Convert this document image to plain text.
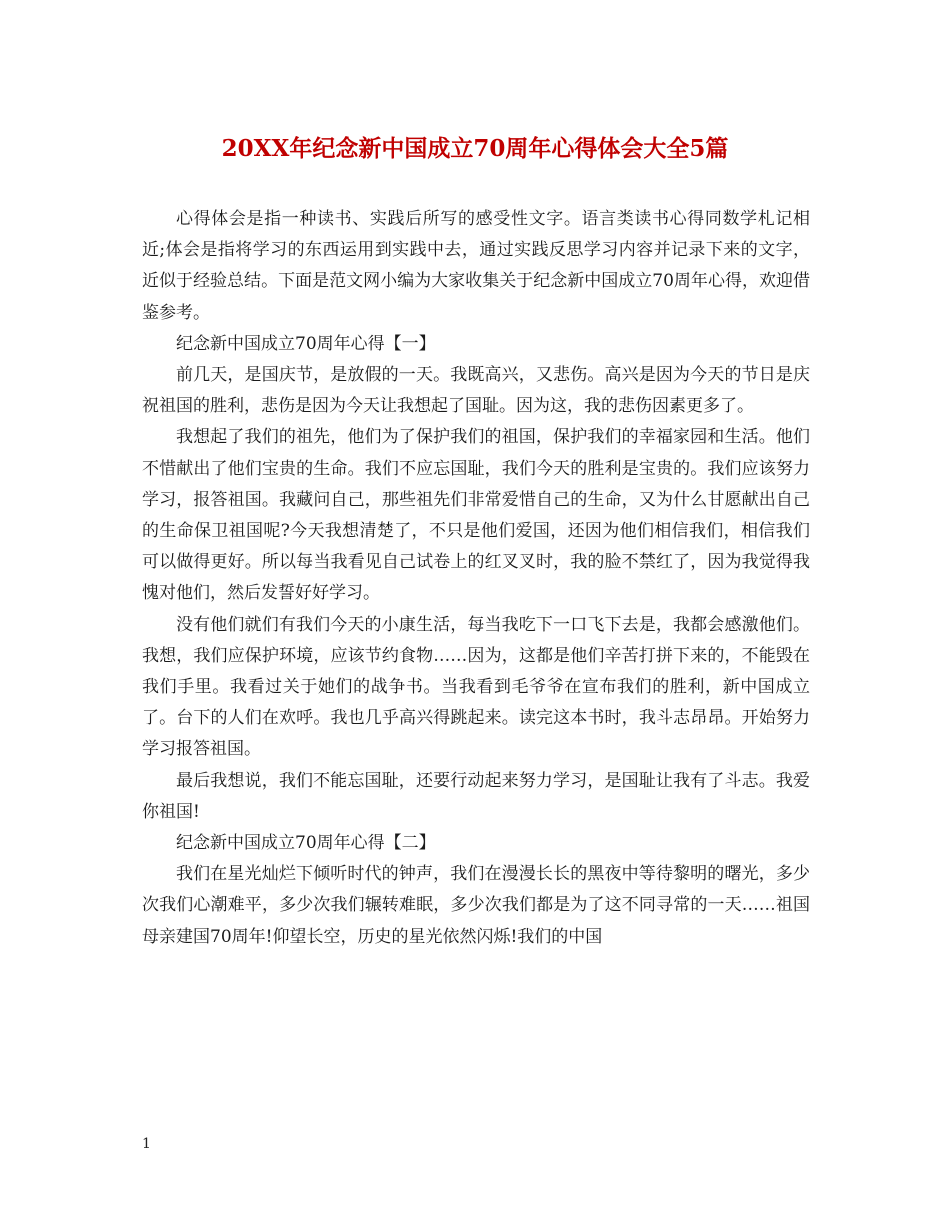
20XX年纪念新中国成立70周年心得体会大全5篇

心得体会是指一种读书、实践后所写的感受性文字。语言类读书心得同数学札记相近;体会是指将学习的东西运用到实践中去，通过实践反思学习内容并记录下来的文字，近似于经验总结。下面是范文网小编为大家收集关于纪念新中国成立70周年心得，欢迎借鉴参考。

纪念新中国成立70周年心得【一】

前几天，是国庆节，是放假的一天。我既高兴，又悲伤。高兴是因为今天的节日是庆祝祖国的胜利，悲伤是因为今天让我想起了国耻。因为这，我的悲伤因素更多了。

我想起了我们的祖先，他们为了保护我们的祖国，保护我们的幸福家园和生活。他们不惜献出了他们宝贵的生命。我们不应忘国耻，我们今天的胜利是宝贵的。我们应该努力学习，报答祖国。我藏问自己，那些祖先们非常爱惜自己的生命，又为什么甘愿献出自己的生命保卫祖国呢?今天我想清楚了，不只是他们爱国，还因为他们相信我们，相信我们可以做得更好。所以每当我看见自己试卷上的红叉叉时，我的脸不禁红了，因为我觉得我愧对他们，然后发誓好好学习。

没有他们就们有我们今天的小康生活，每当我吃下一口飞下去是，我都会感激他们。我想，我们应保护环境，应该节约食物……因为，这都是他们辛苦打拼下来的，不能毁在我们手里。我看过关于她们的战争书。当我看到毛爷爷在宣布我们的胜利，新中国成立了。台下的人们在欢呼。我也几乎高兴得跳起来。读完这本书时，我斗志昂昂。开始努力学习报答祖国。

最后我想说，我们不能忘国耻，还要行动起来努力学习，是国耻让我有了斗志。我爱你祖国!

纪念新中国成立70周年心得【二】

我们在星光灿烂下倾听时代的钟声，我们在漫漫长长的黑夜中等待黎明的曙光，多少次我们心潮难平，多少次我们辗转难眠，多少次我们都是为了这不同寻常的一天……祖国母亲建国70周年!仰望长空，历史的星光依然闪烁!我们的中国

1
